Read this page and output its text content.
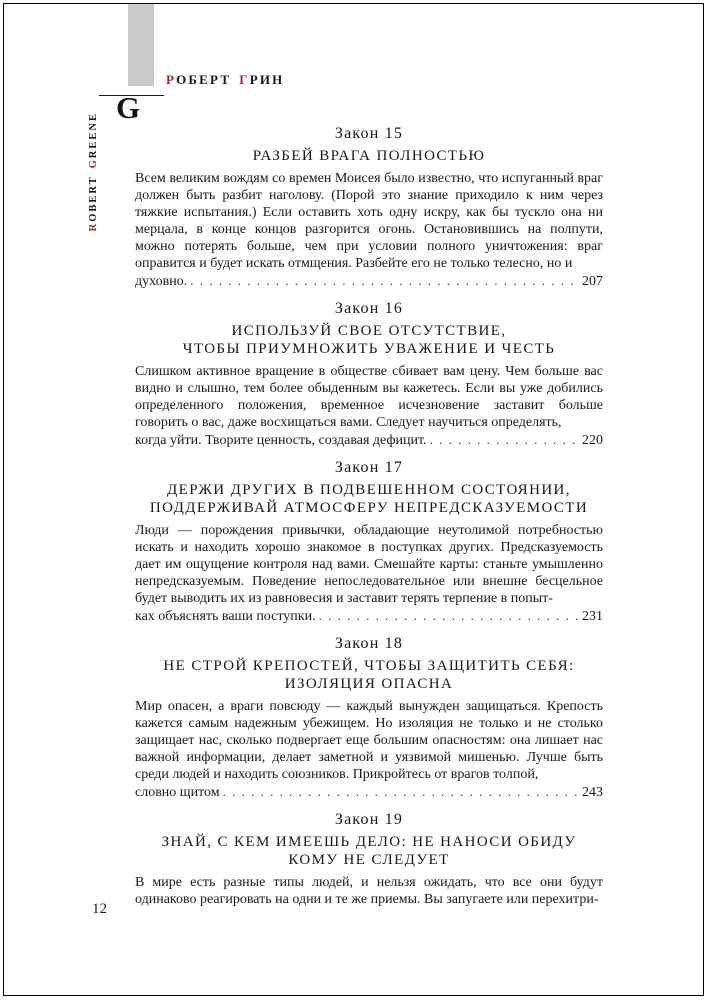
РОБЕРТ ГРИН
G
ROBERTGREENE	Закон 15
РАЗБЕЙ ВРАГА ПОЛНОСТЬЮ

Всем великим вождям со времен Моисея было известно, что испуганный враг должен быть разбит наголову. (Порой это знание приходило к ним через тяжкие испытания.) Если оставить хоть одну искру, как бы тускло она ни мерцала, в конце концов разгорится огонь. Остановившись на полпути, можно потерять больше, чем при условии полного уничтожения: враг оправится и будет искать отмщения. Разбейте его не только телесно, но и

духовно. . . .	207
Закон 16
ИСПОЛЬЗУЙ СВОЕ ОТСУТСТВИЕ,
ЧТОБЫ ПРИУМНОЖИТЬ УВАЖЕНИЕ И ЧЕСТЬ

Слишком активное вращение в обществе сбивает вам цену. Чем больше вас видно и слышно, тем более обыденным вы кажетесь. Если вы уже добились определенного положения, временное исчезновение заставит больше говорить о вас, даже восхищаться вами. Следует научиться определять,

когда уйти. Творите ценность, создавая дефицит. . . .	220
Закон 17
ДЕРЖИ ДРУГИХ В ПОДВЕШЕННОМ СОСТОЯНИИ,
ПОДДЕРЖИВАЙ АТМОСФЕРУ НЕПРЕДСКАЗУЕМОСТИ

Люди — порождения привычки, обладающие неутолимой потребностью искать и находить хорошо знакомое в поступках других. Предсказуемость дает им ощущение контроля над вами. Смешайте карты: станьте умышленно непредсказуемым. Поведение непоследовательное или внешне бесцельное будет выводить их из равновесия и заставит терять терпение в попыт-

ках объяснять ваши поступки. . . .	231
Закон 18
НЕ СТРОЙ КРЕПОСТЕЙ, ЧТОБЫ ЗАЩИТИТЬ СЕБЯ:
ИЗОЛЯЦИЯ ОПАСНА

Мир опасен, а враги повсюду — каждый вынужден защищаться. Крепость кажется самым надежным убежищем. Но изоляция не только и не столько защищает нас, сколько подвергает еще большим опасностям: она лишает нас важной информации, делает заметной и уязвимой мишенью. Лучше быть среди людей и находить союзников. Прикройтесь от врагов толпой,

словно щитом . . .	243
Закон 19
ЗНАЙ, С КЕМ ИМЕЕШЬ ДЕЛО: НЕ НАНОСИ ОБИДУ
КОМУ НЕ СЛЕДУЕТ

В мире есть разные типы людей, и нельзя ожидать, что все они будут одинаково реагировать на одни и те же приемы. Вы запугаете или перехитри-

12
